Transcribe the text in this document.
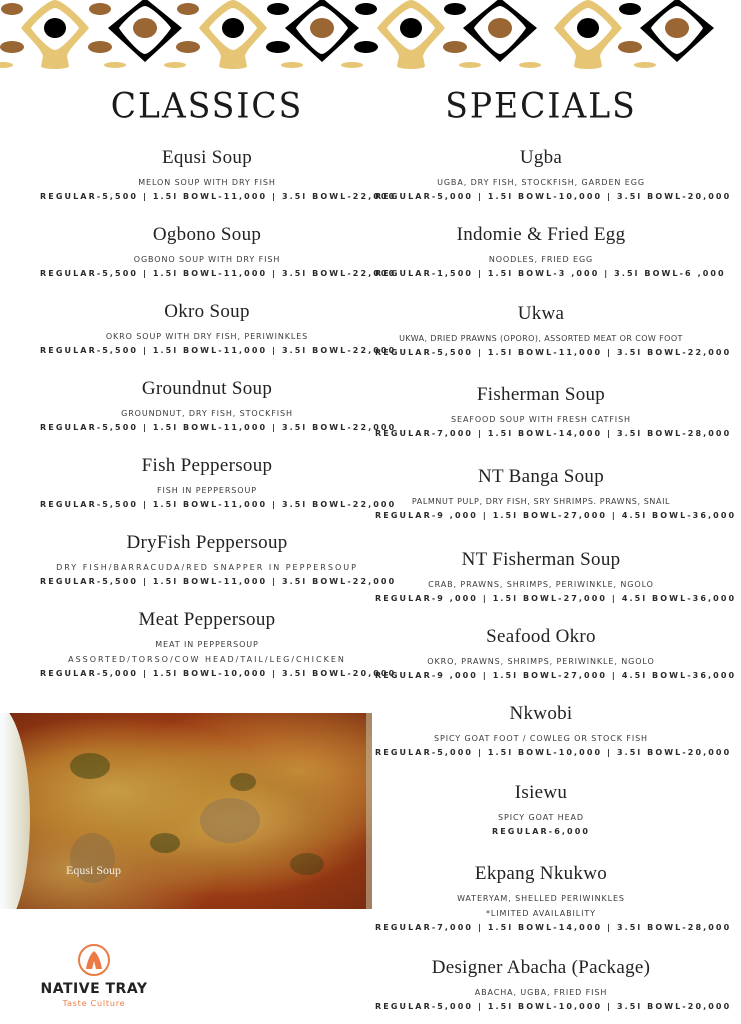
CLASSICS
Equsi Soup
MELON SOUP WITH DRY FISH
REGULAR-5,500 | 1.5l BOWL-11,000 | 3.5l BOWL-22,000
Ogbono Soup
OGBONO SOUP WITH DRY FISH
REGULAR-5,500 | 1.5l BOWL-11,000 | 3.5l BOWL-22,000
Okro Soup
OKRO SOUP WITH DRY FISH, PERIWINKLES
REGULAR-5,500 | 1.5l BOWL-11,000 | 3.5l BOWL-22,000
Groundnut Soup
GROUNDNUT, DRY FISH, STOCKFISH
REGULAR-5,500 | 1.5l BOWL-11,000 | 3.5l BOWL-22,000
Fish Peppersoup
FISH IN PEPPERSOUP
REGULAR-5,500 | 1.5l BOWL-11,000 | 3.5l BOWL-22,000
DryFish Peppersoup
DRY FISH/BARRACUDA/RED SNAPPER IN PEPPERSOUP
REGULAR-5,500 | 1.5l BOWL-11,000 | 3.5l BOWL-22,000
Meat Peppersoup
MEAT IN PEPPERSOUP
ASSORTED/TORSO/COW HEAD/TAIL/LEG/CHICKEN
REGULAR-5,000 | 1.5l BOWL-10,000 | 3.5l BOWL-20,000
SPECIALS
Ugba
UGBA, DRY FISH, STOCKFISH, GARDEN EGG
REGULAR-5,000 | 1.5l BOWL-10,000 | 3.5l BOWL-20,000
Indomie & Fried Egg
NOODLES, FRIED EGG
REGULAR-1,500 | 1.5l BOWL-3 ,000 | 3.5l BOWL-6 ,000
Ukwa
UKWA, DRIED PRAWNS (OPORO), ASSORTED MEAT OR COW FOOT
REGULAR-5,500 | 1.5l BOWL-11,000 | 3.5l BOWL-22,000
Fisherman Soup
SEAFOOD SOUP WITH FRESH CATFISH
REGULAR-7,000 | 1.5l BOWL-14,000 | 3.5l BOWL-28,000
NT Banga Soup
PALMNUT PULP, DRY FISH, SRY SHRIMPS. PRAWNS, SNAIL
REGULAR-9 ,000 | 1.5l BOWL-27,000 | 4.5l BOWL-36,000
NT Fisherman Soup
CRAB, PRAWNS, SHRIMPS, PERIWINKLE, NGOLO
REGULAR-9 ,000 | 1.5l BOWL-27,000 | 4.5l BOWL-36,000
Seafood Okro
OKRO, PRAWNS, SHRIMPS, PERIWINKLE, NGOLO
REGULAR-9 ,000 | 1.5l BOWL-27,000 | 4.5l BOWL-36,000
Nkwobi
SPICY GOAT FOOT / COWLEG OR STOCK FISH
REGULAR-5,000 | 1.5l BOWL-10,000 | 3.5l BOWL-20,000
Isiewu
SPICY GOAT HEAD
REGULAR-6,000
Ekpang Nkukwo
WATERYAM, SHELLED PERIWINKLES
*LIMITED AVAILABILITY
REGULAR-7,000 | 1.5l BOWL-14,000 | 3.5l BOWL-28,000
Designer Abacha (Package)
ABACHA, UGBA, FRIED FISH
REGULAR-5,000 | 1.5l BOWL-10,000 | 3.5l BOWL-20,000
Equsi Soup
NATIVE TRAY
Taste Culture
